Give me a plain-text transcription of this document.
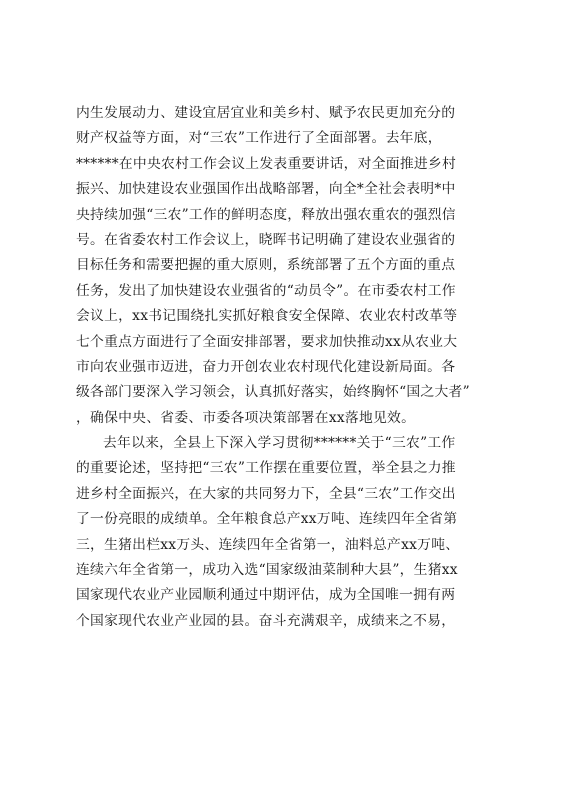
内生发展动力、建设宜居宜业和美乡村、赋予农民更加充分的
财产权益等方面，对“三农”工作进行了全面部署。去年底，
******在中央农村工作会议上发表重要讲话，对全面推进乡村
振兴、加快建设农业强国作出战略部署，向全*全社会表明*中
央持续加强“三农”工作的鲜明态度，释放出强农重农的强烈信
号。在省委农村工作会议上，晓晖书记明确了建设农业强省的
目标任务和需要把握的重大原则，系统部署了五个方面的重点
任务，发出了加快建设农业强省的“动员令”。在市委农村工作
会议上，xx书记围绕扎实抓好粮食安全保障、农业农村改革等
七个重点方面进行了全面安排部署，要求加快推动xx从农业大
市向农业强市迈进，奋力开创农业农村现代化建设新局面。各
级各部门要深入学习领会，认真抓好落实，始终胸怀“国之大者”
，确保中央、省委、市委各项决策部署在xx落地见效。
去年以来，全县上下深入学习贯彻******关于“三农”工作
的重要论述，坚持把“三农”工作摆在重要位置，举全县之力推
进乡村全面振兴，在大家的共同努力下，全县“三农”工作交出
了一份亮眼的成绩单。全年粮食总产xx万吨、连续四年全省第
三，生猪出栏xx万头、连续四年全省第一，油料总产xx万吨、
连续六年全省第一，成功入选“国家级油菜制种大县”，生猪xx
国家现代农业产业园顺利通过中期评估，成为全国唯一拥有两
个国家现代农业产业园的县。奋斗充满艰辛，成绩来之不易，
